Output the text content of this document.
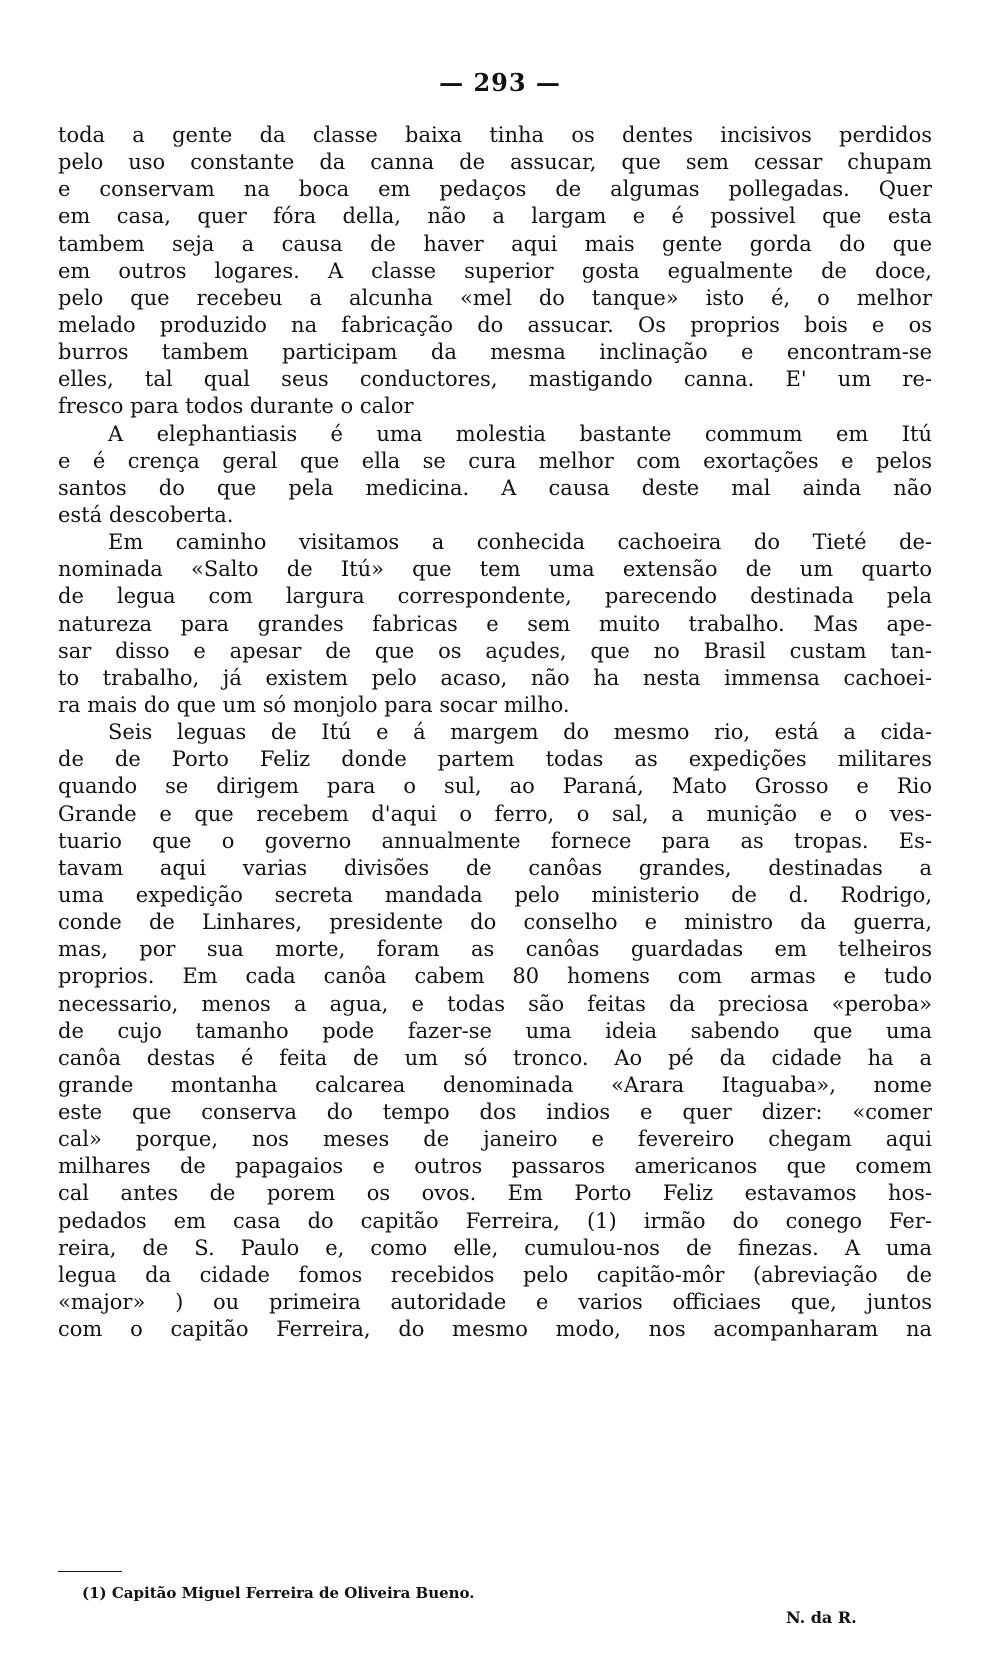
— 293 —
toda a gente da classe baixa tinha os dentes incisivos perdidos
pelo uso constante da canna de assucar, que sem cessar chupam
e conservam na boca em pedaços de algumas pollegadas. Quer
em casa, quer fóra della, não a largam e é possivel que esta
tambem seja a causa de haver aqui mais gente gorda do que
em outros logares. A classe superior gosta egualmente de doce,
pelo que recebeu a alcunha «mel do tanque» isto é, o melhor
melado produzido na fabricação do assucar. Os proprios bois e os
burros tambem participam da mesma inclinação e encontram-se
elles, tal qual seus conductores, mastigando canna. E' um re-
fresco para todos durante o calor
A elephantiasis é uma molestia bastante commum em Itú
e é crença geral que ella se cura melhor com exortações e pelos
santos do que pela medicina. A causa deste mal ainda não
está descoberta.
Em caminho visitamos a conhecida cachoeira do Tieté de-
nominada «Salto de Itú» que tem uma extensão de um quarto
de legua com largura correspondente, parecendo destinada pela
natureza para grandes fabricas e sem muito trabalho. Mas ape-
sar disso e apesar de que os açudes, que no Brasil custam tan-
to trabalho, já existem pelo acaso, não ha nesta immensa cachoei-
ra mais do que um só monjolo para socar milho.
Seis leguas de Itú e á margem do mesmo rio, está a cida-
de de Porto Feliz donde partem todas as expedições militares
quando se dirigem para o sul, ao Paraná, Mato Grosso e Rio
Grande e que recebem d'aqui o ferro, o sal, a munição e o ves-
tuario que o governo annualmente fornece para as tropas. Es-
tavam aqui varias divisões de canôas grandes, destinadas a
uma expedição secreta mandada pelo ministerio de d. Rodrigo,
conde de Linhares, presidente do conselho e ministro da guerra,
mas, por sua morte, foram as canôas guardadas em telheiros
proprios. Em cada canôa cabem 80 homens com armas e tudo
necessario, menos a agua, e todas são feitas da preciosa «peroba»
de cujo tamanho pode fazer-se uma ideia sabendo que uma
canôa destas é feita de um só tronco. Ao pé da cidade ha a
grande montanha calcarea denominada «Arara Itaguaba», nome
este que conserva do tempo dos indios e quer dizer: «comer
cal» porque, nos meses de janeiro e fevereiro chegam aqui
milhares de papagaios e outros passaros americanos que comem
cal antes de porem os ovos. Em Porto Feliz estavamos hos-
pedados em casa do capitão Ferreira, (1) irmão do conego Fer-
reira, de S. Paulo e, como elle, cumulou-nos de finezas. A uma
legua da cidade fomos recebidos pelo capitão-môr (abreviação de
«major» ) ou primeira autoridade e varios officiaes que, juntos
com o capitão Ferreira, do mesmo modo, nos acompanharam na
(1) Capitão Miguel Ferreira de Oliveira Bueno.
N. da R.
